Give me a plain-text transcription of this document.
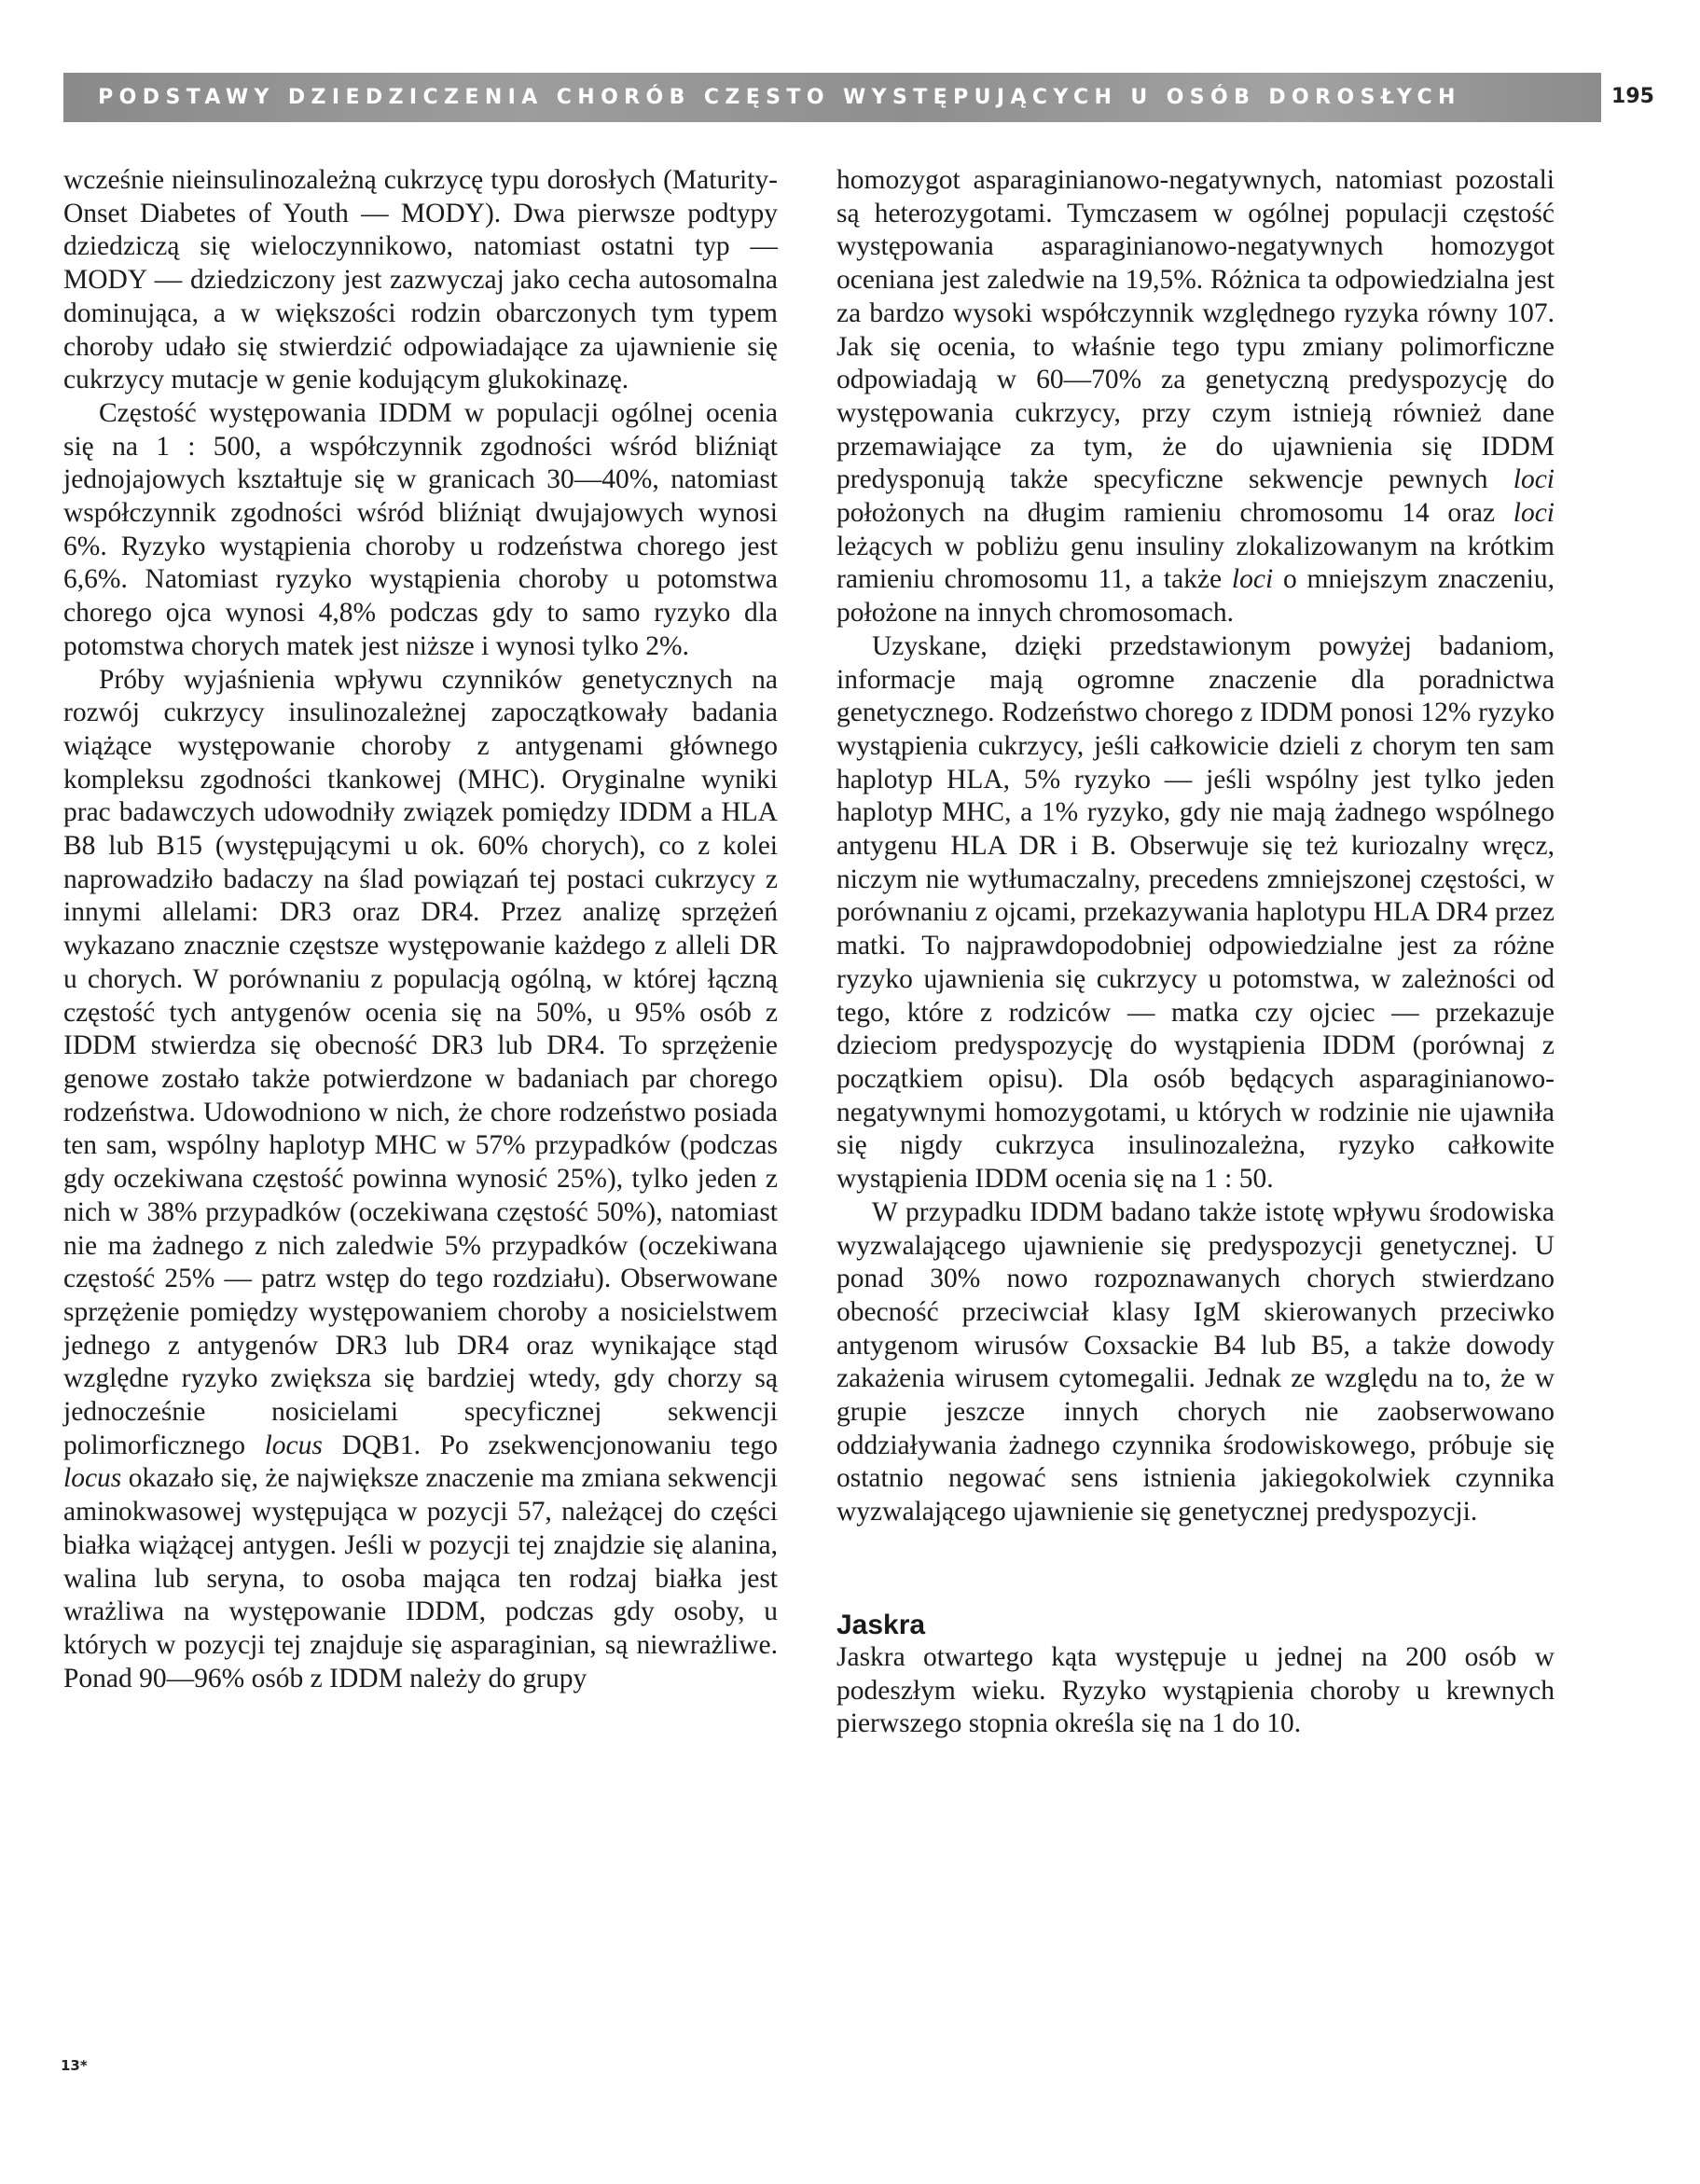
PODSTAWY DZIEDZICZENIA CHORÓB CZĘSTO WYSTĘPUJĄCYCH U OSÓB DOROSŁYCH	195

wcześnie nieinsulinozależną cukrzycę typu dorosłych (Maturity-Onset Diabetes of Youth — MODY). Dwa pierwsze podtypy dziedziczą się wieloczynnikowo, natomiast ostatni typ — MODY — dziedziczony jest zazwyczaj jako cecha autosomalna dominująca, a w większości rodzin obarczonych tym typem choroby udało się stwierdzić odpowiadające za ujawnienie się cukrzycy mutacje w genie kodującym glukokinazę.

Częstość występowania IDDM w populacji ogólnej ocenia się na 1 : 500, a współczynnik zgodności wśród bliźniąt jednojajowych kształtuje się w granicach 30—40%, natomiast współczynnik zgodności wśród bliźniąt dwujajowych wynosi 6%. Ryzyko wystąpienia choroby u rodzeństwa chorego jest 6,6%. Natomiast ryzyko wystąpienia choroby u potomstwa chorego ojca wynosi 4,8% podczas gdy to samo ryzyko dla potomstwa chorych matek jest niższe i wynosi tylko 2%.

Próby wyjaśnienia wpływu czynników genetycznych na rozwój cukrzycy insulinozależnej zapoczątkowały badania wiążące występowanie choroby z antygenami głównego kompleksu zgodności tkankowej (MHC). Oryginalne wyniki prac badawczych udowodniły związek pomiędzy IDDM a HLA B8 lub B15 (występującymi u ok. 60% chorych), co z kolei naprowadziło badaczy na ślad powiązań tej postaci cukrzycy z innymi allelami: DR3 oraz DR4. Przez analizę sprzężeń wykazano znacznie częstsze występowanie każdego z alleli DR u chorych. W porównaniu z populacją ogólną, w której łączną częstość tych antygenów ocenia się na 50%, u 95% osób z IDDM stwierdza się obecność DR3 lub DR4. To sprzężenie genowe zostało także potwierdzone w badaniach par chorego rodzeństwa. Udowodniono w nich, że chore rodzeństwo posiada ten sam, wspólny haplotyp MHC w 57% przypadków (podczas gdy oczekiwana częstość powinna wynosić 25%), tylko jeden z nich w 38% przypadków (oczekiwana częstość 50%), natomiast nie ma żadnego z nich zaledwie 5% przypadków (oczekiwana częstość 25% — patrz wstęp do tego rozdziału). Obserwowane sprzężenie pomiędzy występowaniem choroby a nosicielstwem jednego z antygenów DR3 lub DR4 oraz wynikające stąd względne ryzyko zwiększa się bardziej wtedy, gdy chorzy są jednocześnie nosicielami specyficznej sekwencji polimorficznego locus DQB1. Po zsekwencjonowaniu tego locus okazało się, że największe znaczenie ma zmiana sekwencji aminokwasowej występująca w pozycji 57, należącej do części białka wiążącej antygen. Jeśli w pozycji tej znajdzie się alanina, walina lub seryna, to osoba mająca ten rodzaj białka jest wrażliwa na występowanie IDDM, podczas gdy osoby, u których w pozycji tej znajduje się asparaginian, są niewrażliwe. Ponad 90—96% osób z IDDM należy do grupy

homozygot asparaginianowo-negatywnych, natomiast pozostali są heterozygotami. Tymczasem w ogólnej populacji częstość występowania asparaginianowo-negatywnych homozygot oceniana jest zaledwie na 19,5%. Różnica ta odpowiedzialna jest za bardzo wysoki współczynnik względnego ryzyka równy 107. Jak się ocenia, to właśnie tego typu zmiany polimorficzne odpowiadają w 60—70% za genetyczną predyspozycję do występowania cukrzycy, przy czym istnieją również dane przemawiające za tym, że do ujawnienia się IDDM predysponują także specyficzne sekwencje pewnych loci położonych na długim ramieniu chromosomu 14 oraz loci leżących w pobliżu genu insuliny zlokalizowanym na krótkim ramieniu chromosomu 11, a także loci o mniejszym znaczeniu, położone na innych chromosomach.

Uzyskane, dzięki przedstawionym powyżej badaniom, informacje mają ogromne znaczenie dla poradnictwa genetycznego. Rodzeństwo chorego z IDDM ponosi 12% ryzyko wystąpienia cukrzycy, jeśli całkowicie dzieli z chorym ten sam haplotyp HLA, 5% ryzyko — jeśli wspólny jest tylko jeden haplotyp MHC, a 1% ryzyko, gdy nie mają żadnego wspólnego antygenu HLA DR i B. Obserwuje się też kuriozalny wręcz, niczym nie wytłumaczalny, precedens zmniejszonej częstości, w porównaniu z ojcami, przekazywania haplotypu HLA DR4 przez matki. To najprawdopodobniej odpowiedzialne jest za różne ryzyko ujawnienia się cukrzycy u potomstwa, w zależności od tego, które z rodziców — matka czy ojciec — przekazuje dzieciom predyspozycję do wystąpienia IDDM (porównaj z początkiem opisu). Dla osób będących asparaginianowo-negatywnymi homozygotami, u których w rodzinie nie ujawniła się nigdy cukrzyca insulinozależna, ryzyko całkowite wystąpienia IDDM ocenia się na 1 : 50.

W przypadku IDDM badano także istotę wpływu środowiska wyzwalającego ujawnienie się predyspozycji genetycznej. U ponad 30% nowo rozpoznawanych chorych stwierdzano obecność przeciwciał klasy IgM skierowanych przeciwko antygenom wirusów Coxsackie B4 lub B5, a także dowody zakażenia wirusem cytomegalii. Jednak ze względu na to, że w grupie jeszcze innych chorych nie zaobserwowano oddziaływania żadnego czynnika środowiskowego, próbuje się ostatnio negować sens istnienia jakiegokolwiek czynnika wyzwalającego ujawnienie się genetycznej predyspozycji.

Jaskra

Jaskra otwartego kąta występuje u jednej na 200 osób w podeszłym wieku. Ryzyko wystąpienia choroby u krewnych pierwszego stopnia określa się na 1 do 10.

13*
